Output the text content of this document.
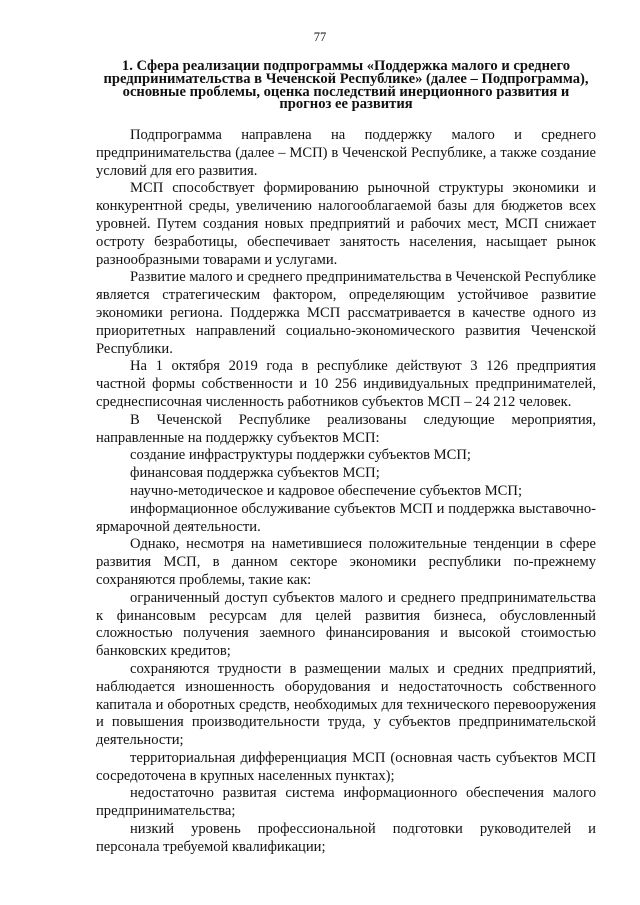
77
1. Сфера реализации подпрограммы «Поддержка малого и среднего предпринимательства в Чеченской Республике» (далее – Подпрограмма), основные проблемы, оценка последствий инерционного развития и прогноз ее развития

Подпрограмма направлена на поддержку малого и среднего предпринимательства (далее – МСП) в Чеченской Республике, а также создание условий для его развития.

МСП способствует формированию рыночной структуры экономики и конкурентной среды, увеличению налогооблагаемой базы для бюджетов всех уровней. Путем создания новых предприятий и рабочих мест, МСП снижает остроту безработицы, обеспечивает занятость населения, насыщает рынок разнообразными товарами и услугами.

Развитие малого и среднего предпринимательства в Чеченской Республике является стратегическим фактором, определяющим устойчивое развитие экономики региона. Поддержка МСП рассматривается в качестве одного из приоритетных направлений социально-экономического развития Чеченской Республики.

На 1 октября 2019 года в республике действуют 3 126 предприятия частной формы собственности и 10 256 индивидуальных предпринимателей, среднесписочная численность работников субъектов МСП – 24 212 человек.

В Чеченской Республике реализованы следующие мероприятия, направленные на поддержку субъектов МСП:

создание инфраструктуры поддержки субъектов МСП;

финансовая поддержка субъектов МСП;

научно-методическое и кадровое обеспечение субъектов МСП;

информационное обслуживание субъектов МСП и поддержка выставочно-ярмарочной деятельности.

Однако, несмотря на наметившиеся положительные тенденции в сфере развития МСП, в данном секторе экономики республики по-прежнему сохраняются проблемы, такие как:

ограниченный доступ субъектов малого и среднего предпринимательства к финансовым ресурсам для целей развития бизнеса, обусловленный сложностью получения заемного финансирования и высокой стоимостью банковских кредитов;

сохраняются трудности в размещении малых и средних предприятий, наблюдается изношенность оборудования и недостаточность собственного капитала и оборотных средств, необходимых для технического перевооружения и повышения производительности труда, у субъектов предпринимательской деятельности;

территориальная дифференциация МСП (основная часть субъектов МСП сосредоточена в крупных населенных пунктах);

недостаточно развитая система информационного обеспечения малого предпринимательства;

низкий уровень профессиональной подготовки руководителей и персонала требуемой квалификации;
